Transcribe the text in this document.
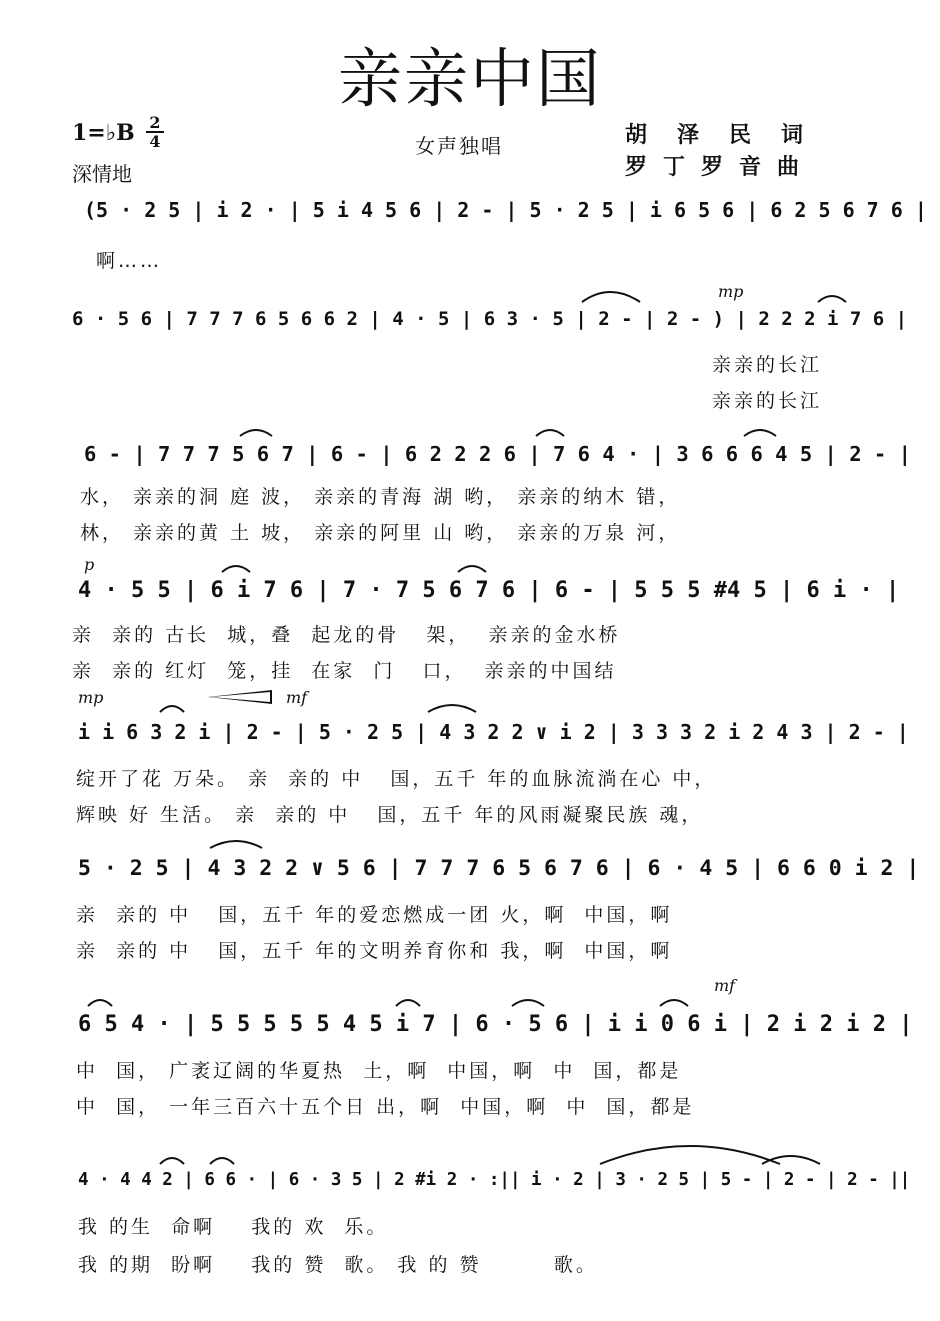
亲亲中国
1=♭B $\frac{2}{4}$
深情地
女声独唱	胡泽民词
罗丁罗音曲
(5 · 2 5 | i 2 · | 5 i 4 5 6 | 2 - | 5 · 2 5 | i 6 5 6 | 6 2 5 6 7 6 |
啊……
mp
6 · 5 6 | 7 7 7 6 5 6 6 2 | 4 · 5 | 6 3 · 5 | 2 - | 2 - ) | 2 2 2 i 7 6 |
亲亲的长江
亲亲的长江
6 - | 7 7 7 5 6 7 | 6 - | 6 2 2 2 6 | 7 6 4 · | 3 6 6 6 4 5 | 2 - |
水， 亲亲的洞 庭 波， 亲亲的青海 湖 哟， 亲亲的纳木 错，
林， 亲亲的黄 土 坡， 亲亲的阿里 山 哟， 亲亲的万泉 河，
p
4 · 5 5 | 6 i 7 6 | 7 · 7 5 6 7 6 | 6 - | 5 5 5 #4 5 | 6 i · |
亲  亲的 古长  城，叠  起龙的骨   架，  亲亲的金水桥
亲  亲的 红灯  笼，挂  在家  门   口，  亲亲的中国结
mp	mf
i i 6 3 2 i | 2 - | 5 · 2 5 | 4 3 2 2 ∨ i 2 | 3 3 3 2 i 2 4 3 | 2 - |
绽开了花 万朵。 亲  亲的 中   国，五千 年的血脉流淌在心 中，
辉映 好 生活。 亲  亲的 中   国，五千 年的风雨凝聚民族 魂，
5 · 2 5 | 4 3 2 2 ∨ 5 6 | 7 7 7 6 5 6 7 6 | 6 · 4 5 | 6 6 0 i 2 |
亲  亲的 中   国，五千 年的爱恋燃成一团 火，啊  中国，啊
亲  亲的 中   国，五千 年的文明养育你和 我，啊  中国，啊
mf
6 5 4 · | 5 5 5 5 5 4 5 i 7 | 6 · 5 6 | i i 0 6 i | 2 i 2 i 2 |
中  国， 广袤辽阔的华夏热  土，啊  中国，啊  中  国，都是
中  国， 一年三百六十五个日 出，啊  中国，啊  中  国，都是
4 · 4 4 2 | 6 6 · | 6 · 3 5 | 2 #i 2 · :|| i · 2 | 3 · 2 5 | 5 - | 2 - | 2 - ||
我 的生  命啊    我的 欢  乐。
我 的期  盼啊    我的 赞  歌。 我 的 赞        歌。
